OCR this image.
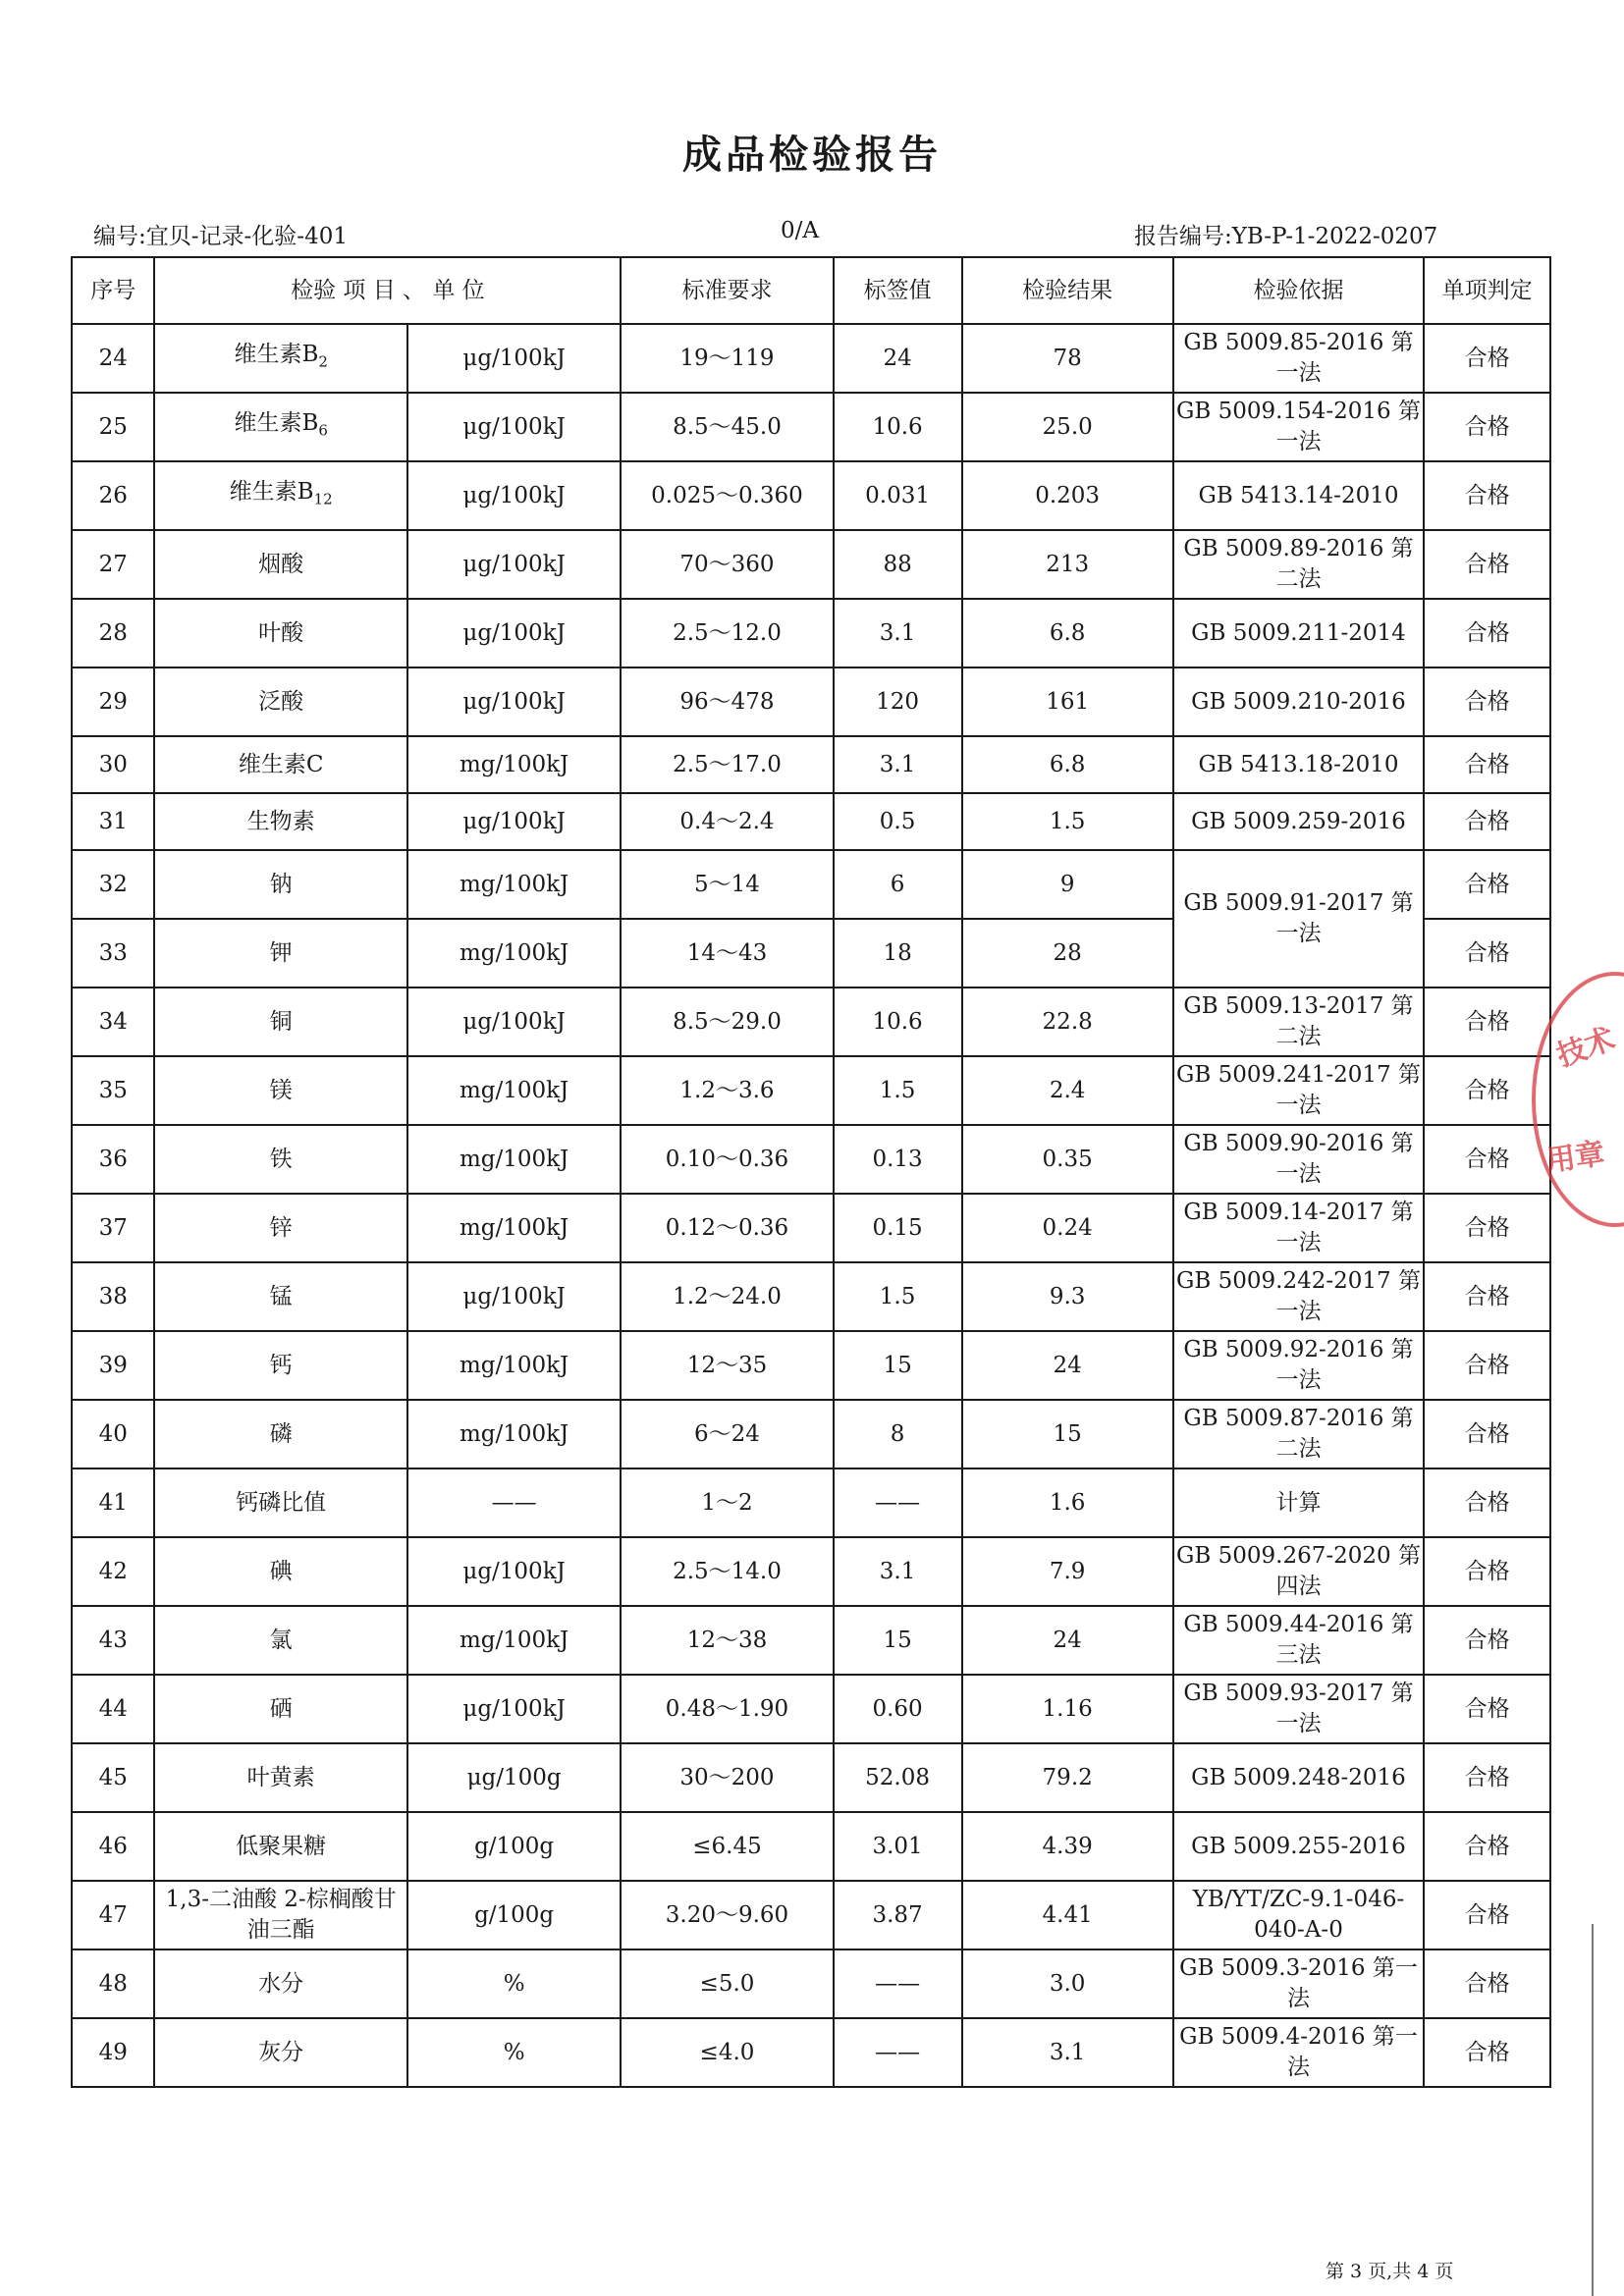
成品检验报告
编号:宜贝-记录-化验-401	0/A	报告编号:YB-P-1-2022-0207
序号	检验 项 目 、 单 位		标准要求	标签值	检验结果	检验依据	单项判定
24	维生素$B_2$	μg/100kJ	19～119	24	78	GB 5009.85-2016 第一法	合格
25	维生素$B_6$	μg/100kJ	8.5～45.0	10.6	25.0	GB 5009.154-2016 第一法	合格
26	维生素$B_{12}$	μg/100kJ	0.025～0.360	0.031	0.203	GB 5413.14-2010	合格
27	烟酸	μg/100kJ	70～360	88	213	GB 5009.89-2016 第二法	合格
28	叶酸	μg/100kJ	2.5～12.0	3.1	6.8	GB 5009.211-2014	合格
29	泛酸	μg/100kJ	96～478	120	161	GB 5009.210-2016	合格
30	维生素C	mg/100kJ	2.5～17.0	3.1	6.8	GB 5413.18-2010	合格
31	生物素	μg/100kJ	0.4～2.4	0.5	1.5	GB 5009.259-2016	合格
32	钠	mg/100kJ	5～14	6	9	GB 5009.91-2017 第一法	合格
33	钾	mg/100kJ	14～43	18	28		合格
34	铜	μg/100kJ	8.5～29.0	10.6	22.8	GB 5009.13-2017 第二法	合格
35	镁	mg/100kJ	1.2～3.6	1.5	2.4	GB 5009.241-2017 第一法	合格
36	铁	mg/100kJ	0.10～0.36	0.13	0.35	GB 5009.90-2016 第一法	合格
37	锌	mg/100kJ	0.12～0.36	0.15	0.24	GB 5009.14-2017 第一法	合格
38	锰	μg/100kJ	1.2～24.0	1.5	9.3	GB 5009.242-2017 第一法	合格
39	钙	mg/100kJ	12～35	15	24	GB 5009.92-2016 第一法	合格
40	磷	mg/100kJ	6～24	8	15	GB 5009.87-2016 第二法	合格
41	钙磷比值	——	1～2	——	1.6	计算	合格
42	碘	μg/100kJ	2.5～14.0	3.1	7.9	GB 5009.267-2020 第四法	合格
43	氯	mg/100kJ	12～38	15	24	GB 5009.44-2016 第三法	合格
44	硒	μg/100kJ	0.48～1.90	0.60	1.16	GB 5009.93-2017 第一法	合格
45	叶黄素	μg/100g	30～200	52.08	79.2	GB 5009.248-2016	合格
46	低聚果糖	g/100g	≤6.45	3.01	4.39	GB 5009.255-2016	合格
47	1,3-二油酸 2-棕榈酸甘油三酯	g/100g	3.20～9.60	3.87	4.41	YB/YT/ZC-9.1-046-040-A-0	合格
48	水分	%	≤5.0	——	3.0	GB 5009.3-2016 第一法	合格
49	灰分	%	≤4.0	——	3.1	GB 5009.4-2016 第一法	合格
技术
用章
第 3 页,共 4 页
